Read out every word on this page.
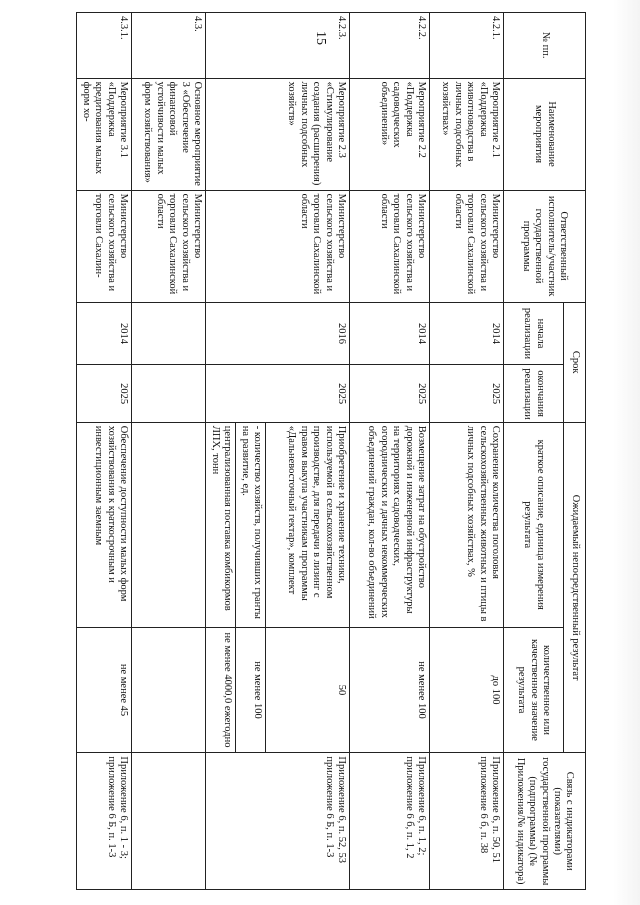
15	№ пп.	Наименование мероприятия	Ответственный исполнитель/участник государственной программы	Срок		Ожидаемый непосредственный результат		Связь с индикаторами (показателями) государственной программы (подпрограммы) (№ Приложения/№ индикатора)
			начала реализации	окончания реализации	краткое описание, единица измерения результата	количественное или качественное значение результата	
4.2.1.	Мероприятие 2.1 «Поддержка животноводства в личных подсобных хозяйствах»	Министерство сельского хозяйства и торговли Сахалинской области	2014	2025	Сохранение количества поголовья сельскохозяйственных животных и птицы в личных подсобных хозяйствах, %	до 100	Приложение 6, п. 50, 51 приложение 6 б, п. 38
4.2.2.	Мероприятие 2.2 «Поддержка садоводческих объединений»	Министерство сельского хозяйства и торговли Сахалинской области	2014	2025	Возмещение затрат на обустройство дорожной и инженерной инфраструктуры на территориях садоводческих, огороднических и дачных некоммерческих объединений граждан, кол-во объединений	не менее 100	Приложение 6, п. 1, 2; приложение 6 б, п. 1, 2
4.2.3.	Мероприятие 2.3 «Стимулирование создания (расширения) личных подсобных хозяйств»	Министерство сельского хозяйства и торговли Сахалинской области	2016	2025	Приобретение и хранение техники, используемой в сельскохозяйственном производстве, для передачи в лизинг с правом выкупа участникам программы «Дальневосточный гектар», комплект	50	Приложение 6, п. 52, 53 приложение 6 Б, п. 1-3
					- количество хозяйств, получивших гранты на развитие, ед.	не менее 100	
					централизованная поставка комбикормов ЛПХ, тонн	не менее 4000,0 ежегодно	
4.3.	Основное мероприятие 3 «Обеспечение финансовой устойчивости малых форм хозяйствования»	Министерство сельского хозяйства и торговли Сахалинской области					
4.3.1.	Мероприятие 3.1 «Поддержка кредитования малых форм хо-	Министерство сельского хозяйства и торговли Сахалин-	2014	2025	Обеспечение доступности малых форм хозяйствования к краткосрочным и инвестиционным заемным	не менее 45	Приложение 6, п. 1 - 3; приложение 6 Б, п. 1-3
